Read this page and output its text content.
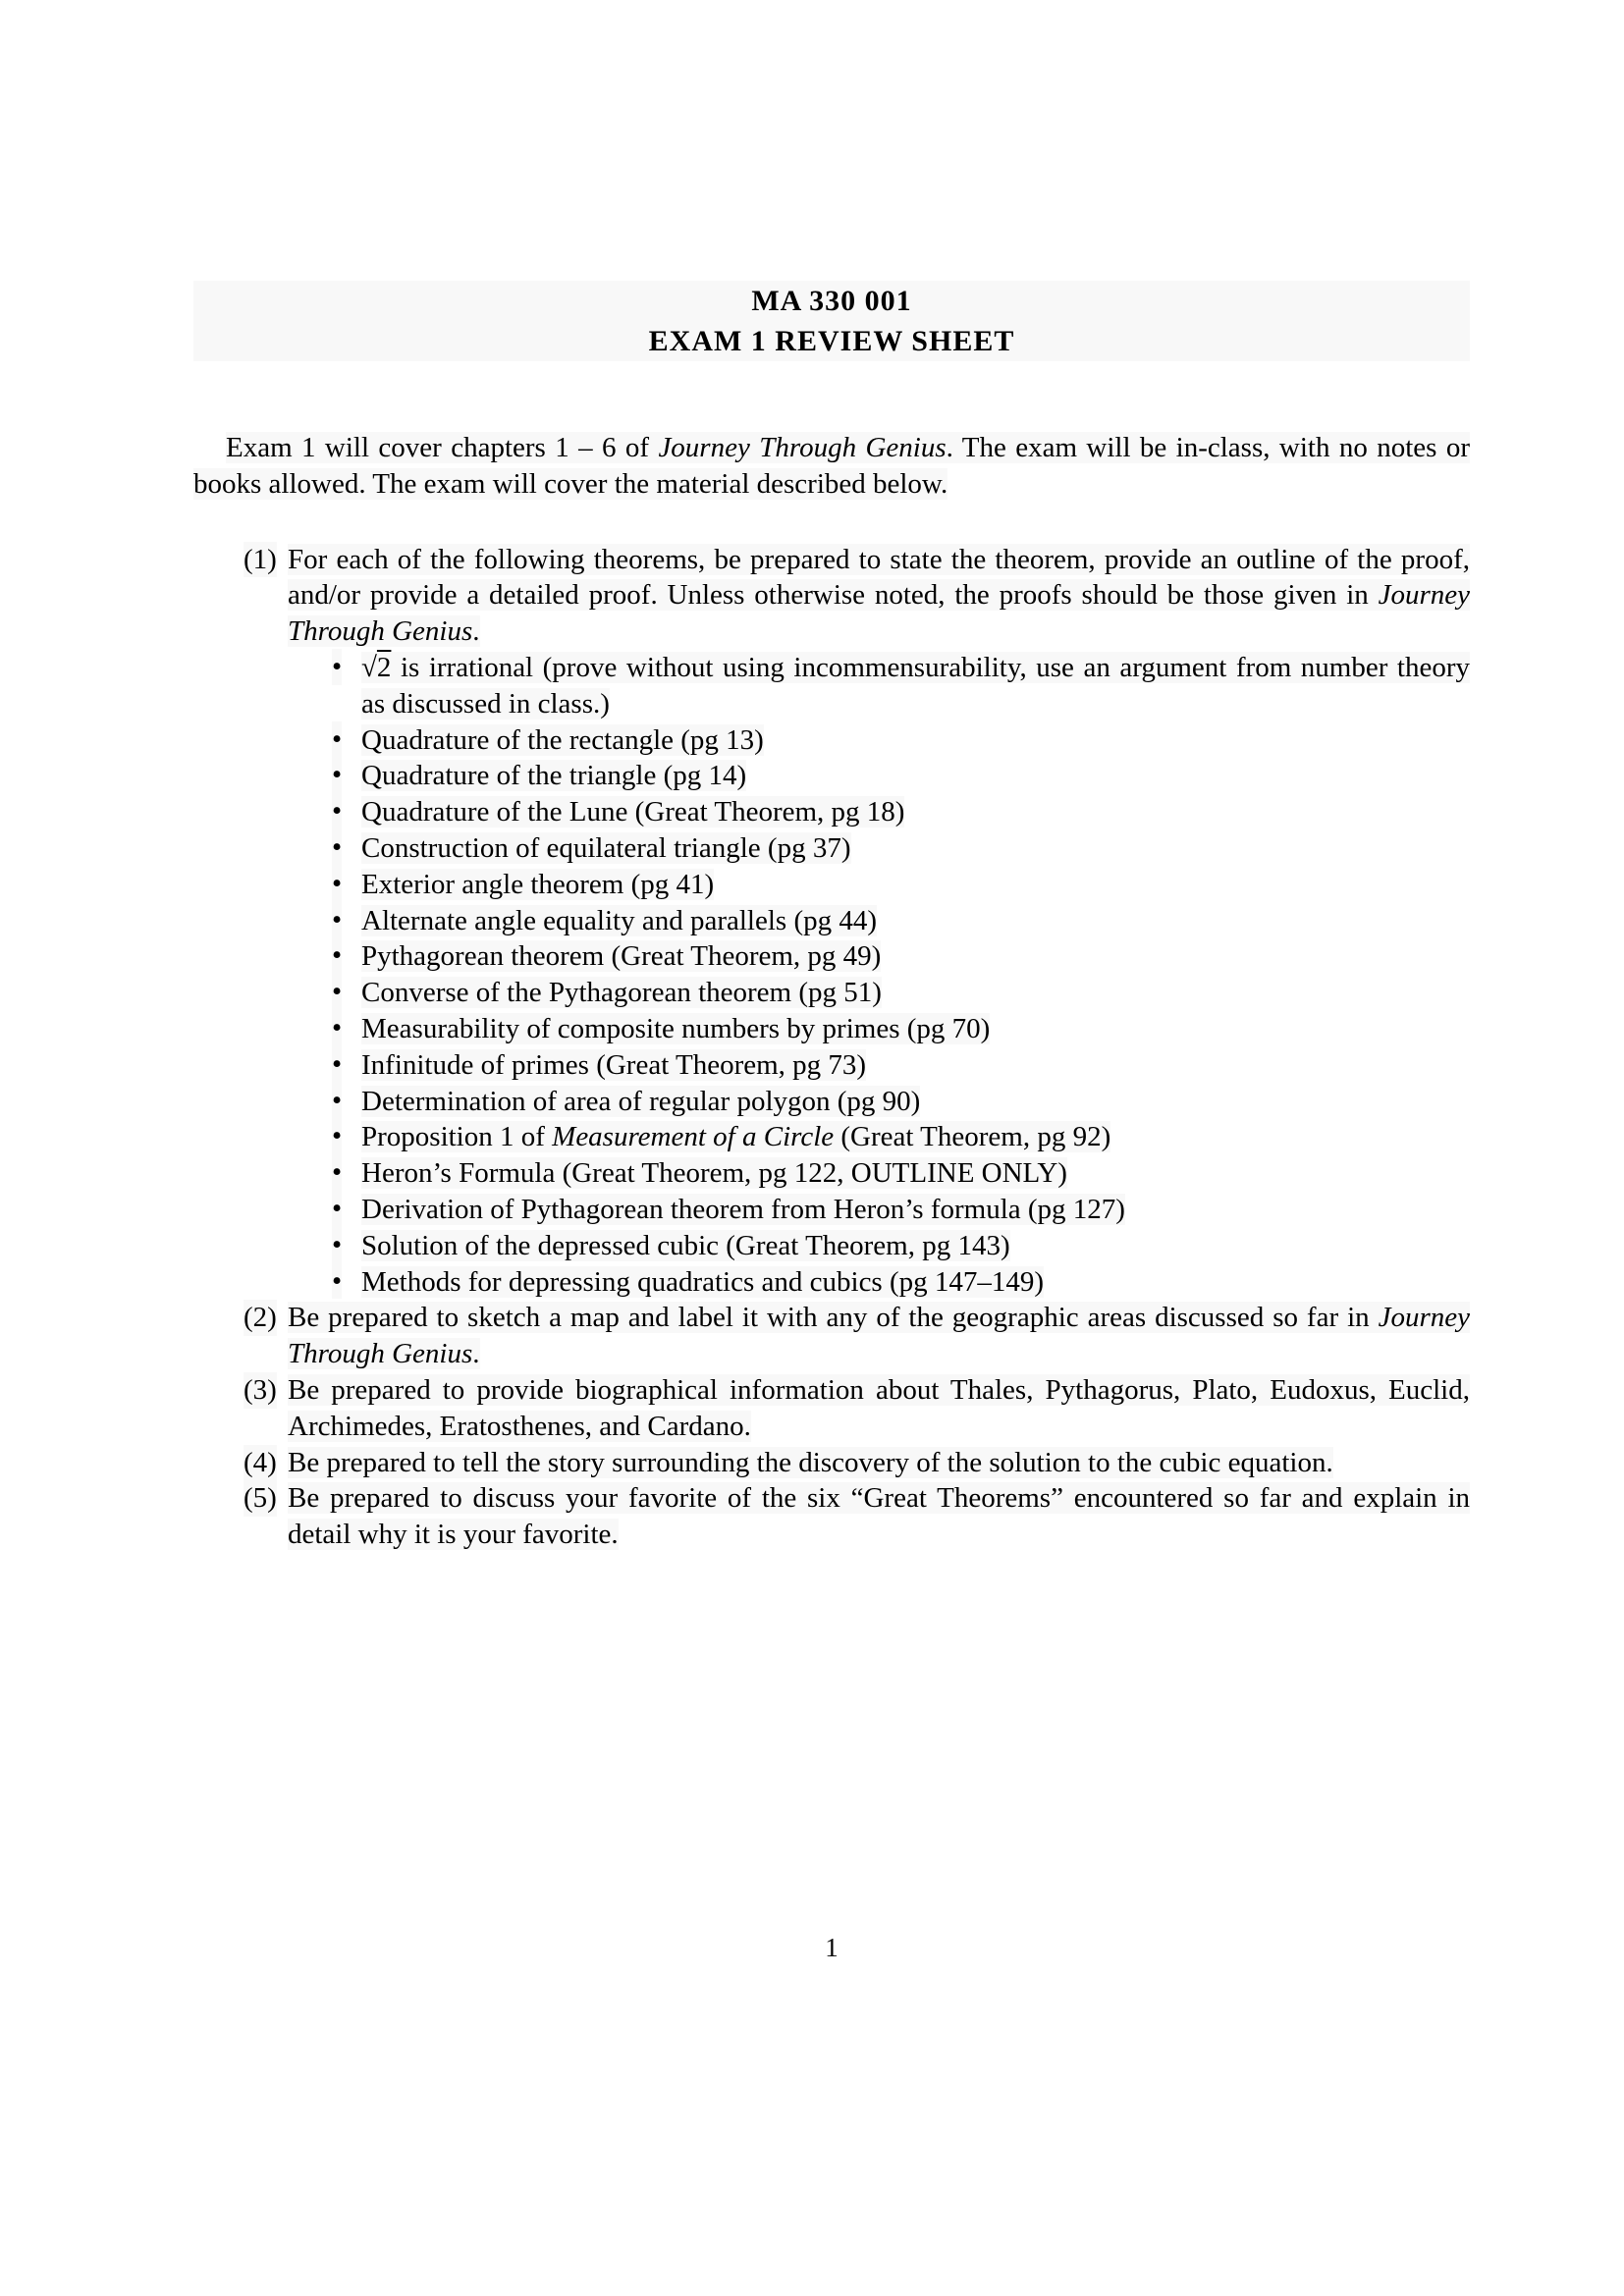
MA 330 001
EXAM 1 REVIEW SHEET

Exam 1 will cover chapters 1 – 6 of Journey Through Genius. The exam will be in-class, with no notes or books allowed. The exam will cover the material described below.

(1) For each of the following theorems, be prepared to state the theorem, provide an outline of the proof, and/or provide a detailed proof. Unless otherwise noted, the proofs should be those given in Journey Through Genius.
• √2 is irrational (prove without using incommensurability, use an argument from number theory as discussed in class.)
• Quadrature of the rectangle (pg 13)
• Quadrature of the triangle (pg 14)
• Quadrature of the Lune (Great Theorem, pg 18)
• Construction of equilateral triangle (pg 37)
• Exterior angle theorem (pg 41)
• Alternate angle equality and parallels (pg 44)
• Pythagorean theorem (Great Theorem, pg 49)
• Converse of the Pythagorean theorem (pg 51)
• Measurability of composite numbers by primes (pg 70)
• Infinitude of primes (Great Theorem, pg 73)
• Determination of area of regular polygon (pg 90)
• Proposition 1 of Measurement of a Circle (Great Theorem, pg 92)
• Heron’s Formula (Great Theorem, pg 122, OUTLINE ONLY)
• Derivation of Pythagorean theorem from Heron’s formula (pg 127)
• Solution of the depressed cubic (Great Theorem, pg 143)
• Methods for depressing quadratics and cubics (pg 147–149)
(2) Be prepared to sketch a map and label it with any of the geographic areas discussed so far in Journey Through Genius.
(3) Be prepared to provide biographical information about Thales, Pythagorus, Plato, Eudoxus, Euclid, Archimedes, Eratosthenes, and Cardano.
(4) Be prepared to tell the story surrounding the discovery of the solution to the cubic equation.
(5) Be prepared to discuss your favorite of the six “Great Theorems” encountered so far and explain in detail why it is your favorite.
1
